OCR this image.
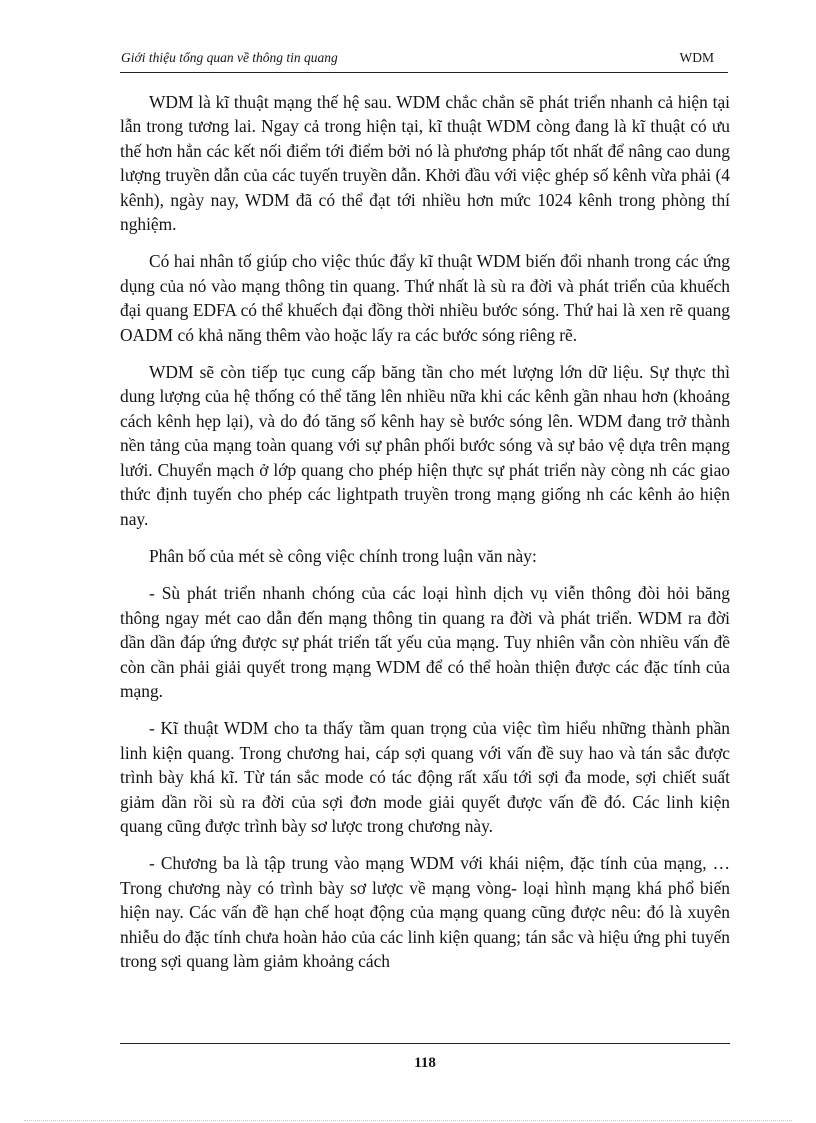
Giới thiệu tổng quan về thông tin quang	WDM

WDM là kĩ thuật mạng thế hệ sau. WDM chắc chắn sẽ phát triển nhanh cả hiện tại lẫn trong tương lai. Ngay cả trong hiện tại, kĩ thuật WDM còng đang là kĩ thuật có ưu thế hơn hẳn các kết nối điểm tới điểm bởi nó là phương pháp tốt nhất để nâng cao dung lượng truyền dẫn của các tuyến truyền dẫn. Khởi đầu với việc ghép số kênh vừa phải (4 kênh), ngày nay, WDM đã có thể đạt tới nhiều hơn mức 1024 kênh trong phòng thí nghiệm.

Có hai nhân tố giúp cho việc thúc đẩy kĩ thuật WDM biến đổi nhanh trong các ứng dụng của nó vào mạng thông tin quang. Thứ nhất là sù ra đời và phát triển của khuếch đại quang EDFA có thể khuếch đại đồng thời nhiều bước sóng. Thứ hai là xen rẽ quang OADM có khả năng thêm vào hoặc lấy ra các bước sóng riêng rẽ.

WDM sẽ còn tiếp tục cung cấp băng tần cho mét lượng lớn dữ liệu. Sự thực thì dung lượng của hệ thống có thể tăng lên nhiều nữa khi các kênh gần nhau hơn (khoảng cách kênh hẹp lại), và do đó tăng số kênh hay sè bước sóng lên. WDM đang trở thành nền tảng của mạng toàn quang với sự phân phối bước sóng và sự bảo vệ dựa trên mạng lưới. Chuyển mạch ở lớp quang cho phép hiện thực sự phát triển này còng nh các giao thức định tuyến cho phép các lightpath truyền trong mạng giống nh các kênh ảo hiện nay.

Phân bố của mét sè công việc chính trong luận văn này:

- Sù phát triển nhanh chóng của các loại hình dịch vụ viễn thông đòi hỏi băng thông ngay mét cao dẫn đến mạng thông tin quang ra đời và phát triển. WDM ra đời dần dần đáp ứng được sự phát triển tất yếu của mạng. Tuy nhiên vẫn còn nhiều vấn đề còn cần phải giải quyết trong mạng WDM để có thể hoàn thiện được các đặc tính của mạng.

- Kĩ thuật WDM cho ta thấy tầm quan trọng của việc tìm hiểu những thành phần linh kiện quang. Trong chương hai, cáp sợi quang với vấn đề suy hao và tán sắc được trình bày khá kĩ. Từ tán sắc mode có tác động rất xấu tới sợi đa mode, sợi chiết suất giảm dần rồi sù ra đời của sợi đơn mode giải quyết được vấn đề đó. Các linh kiện quang cũng được trình bày sơ lược trong chương này.

- Chương ba là tập trung vào mạng WDM với khái niệm, đặc tính của mạng, … Trong chương này có trình bày sơ lược về mạng vòng- loại hình mạng khá phổ biến hiện nay. Các vấn đề hạn chế hoạt động của mạng quang cũng được nêu: đó là xuyên nhiễu do đặc tính chưa hoàn hảo của các linh kiện quang; tán sắc và hiệu ứng phi tuyến trong sợi quang làm giảm khoảng cách

118
